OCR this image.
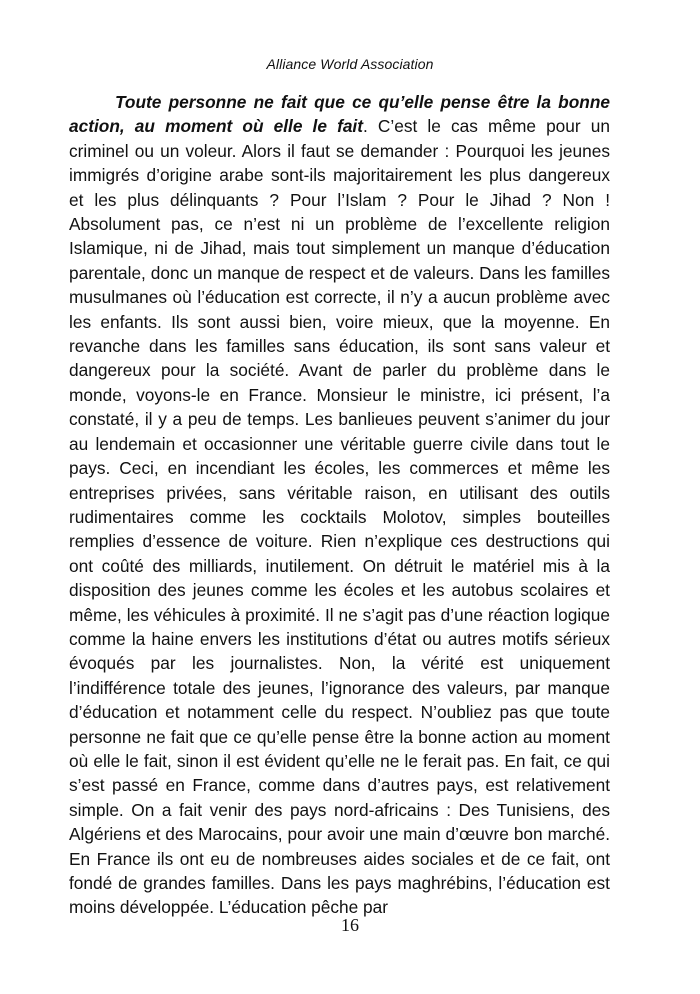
Alliance World Association

Toute personne ne fait que ce qu’elle pense être la bonne action, au moment où elle le fait. C’est le cas même pour un criminel ou un voleur. Alors il faut se demander : Pourquoi les jeunes immigrés d’origine arabe sont-ils majoritairement les plus dangereux et les plus délinquants ? Pour l’Islam ? Pour le Jihad ? Non ! Absolument pas, ce n’est ni un problème de l’excellente religion Islamique, ni de Jihad, mais tout simplement un manque d’éducation parentale, donc un manque de respect et de valeurs. Dans les familles musulmanes où l’éducation est correcte, il n’y a aucun problème avec les enfants. Ils sont aussi bien, voire mieux, que la moyenne. En revanche dans les familles sans éducation, ils sont sans valeur et dangereux pour la société. Avant de parler du problème dans le monde, voyons-le en France. Monsieur le ministre, ici présent, l’a constaté, il y a peu de temps. Les banlieues peuvent s’animer du jour au lendemain et occasionner une véritable guerre civile dans tout le pays. Ceci, en incendiant les écoles, les commerces et même les entreprises privées, sans véritable raison, en utilisant des outils rudimentaires comme les cocktails Molotov, simples bouteilles remplies d’essence de voiture. Rien n’explique ces destructions qui ont coûté des milliards, inutilement. On détruit le matériel mis à la disposition des jeunes comme les écoles et les autobus scolaires et même, les véhicules à proximité. Il ne s’agit pas d’une réaction logique comme la haine envers les institutions d’état ou autres motifs sérieux évoqués par les journalistes. Non, la vérité est uniquement l’indifférence totale des jeunes, l’ignorance des valeurs, par manque d’éducation et notamment celle du respect. N’oubliez pas que toute personne ne fait que ce qu’elle pense être la bonne action au moment où elle le fait, sinon il est évident qu’elle ne le ferait pas. En fait, ce qui s’est passé en France, comme dans d’autres pays, est relativement simple. On a fait venir des pays nord-africains : Des Tunisiens, des Algériens et des Marocains, pour avoir une main d’œuvre bon marché. En France ils ont eu de nombreuses aides sociales et de ce fait, ont fondé de grandes familles. Dans les pays maghrébins, l’éducation est moins développée. L’éducation pêche par

16
